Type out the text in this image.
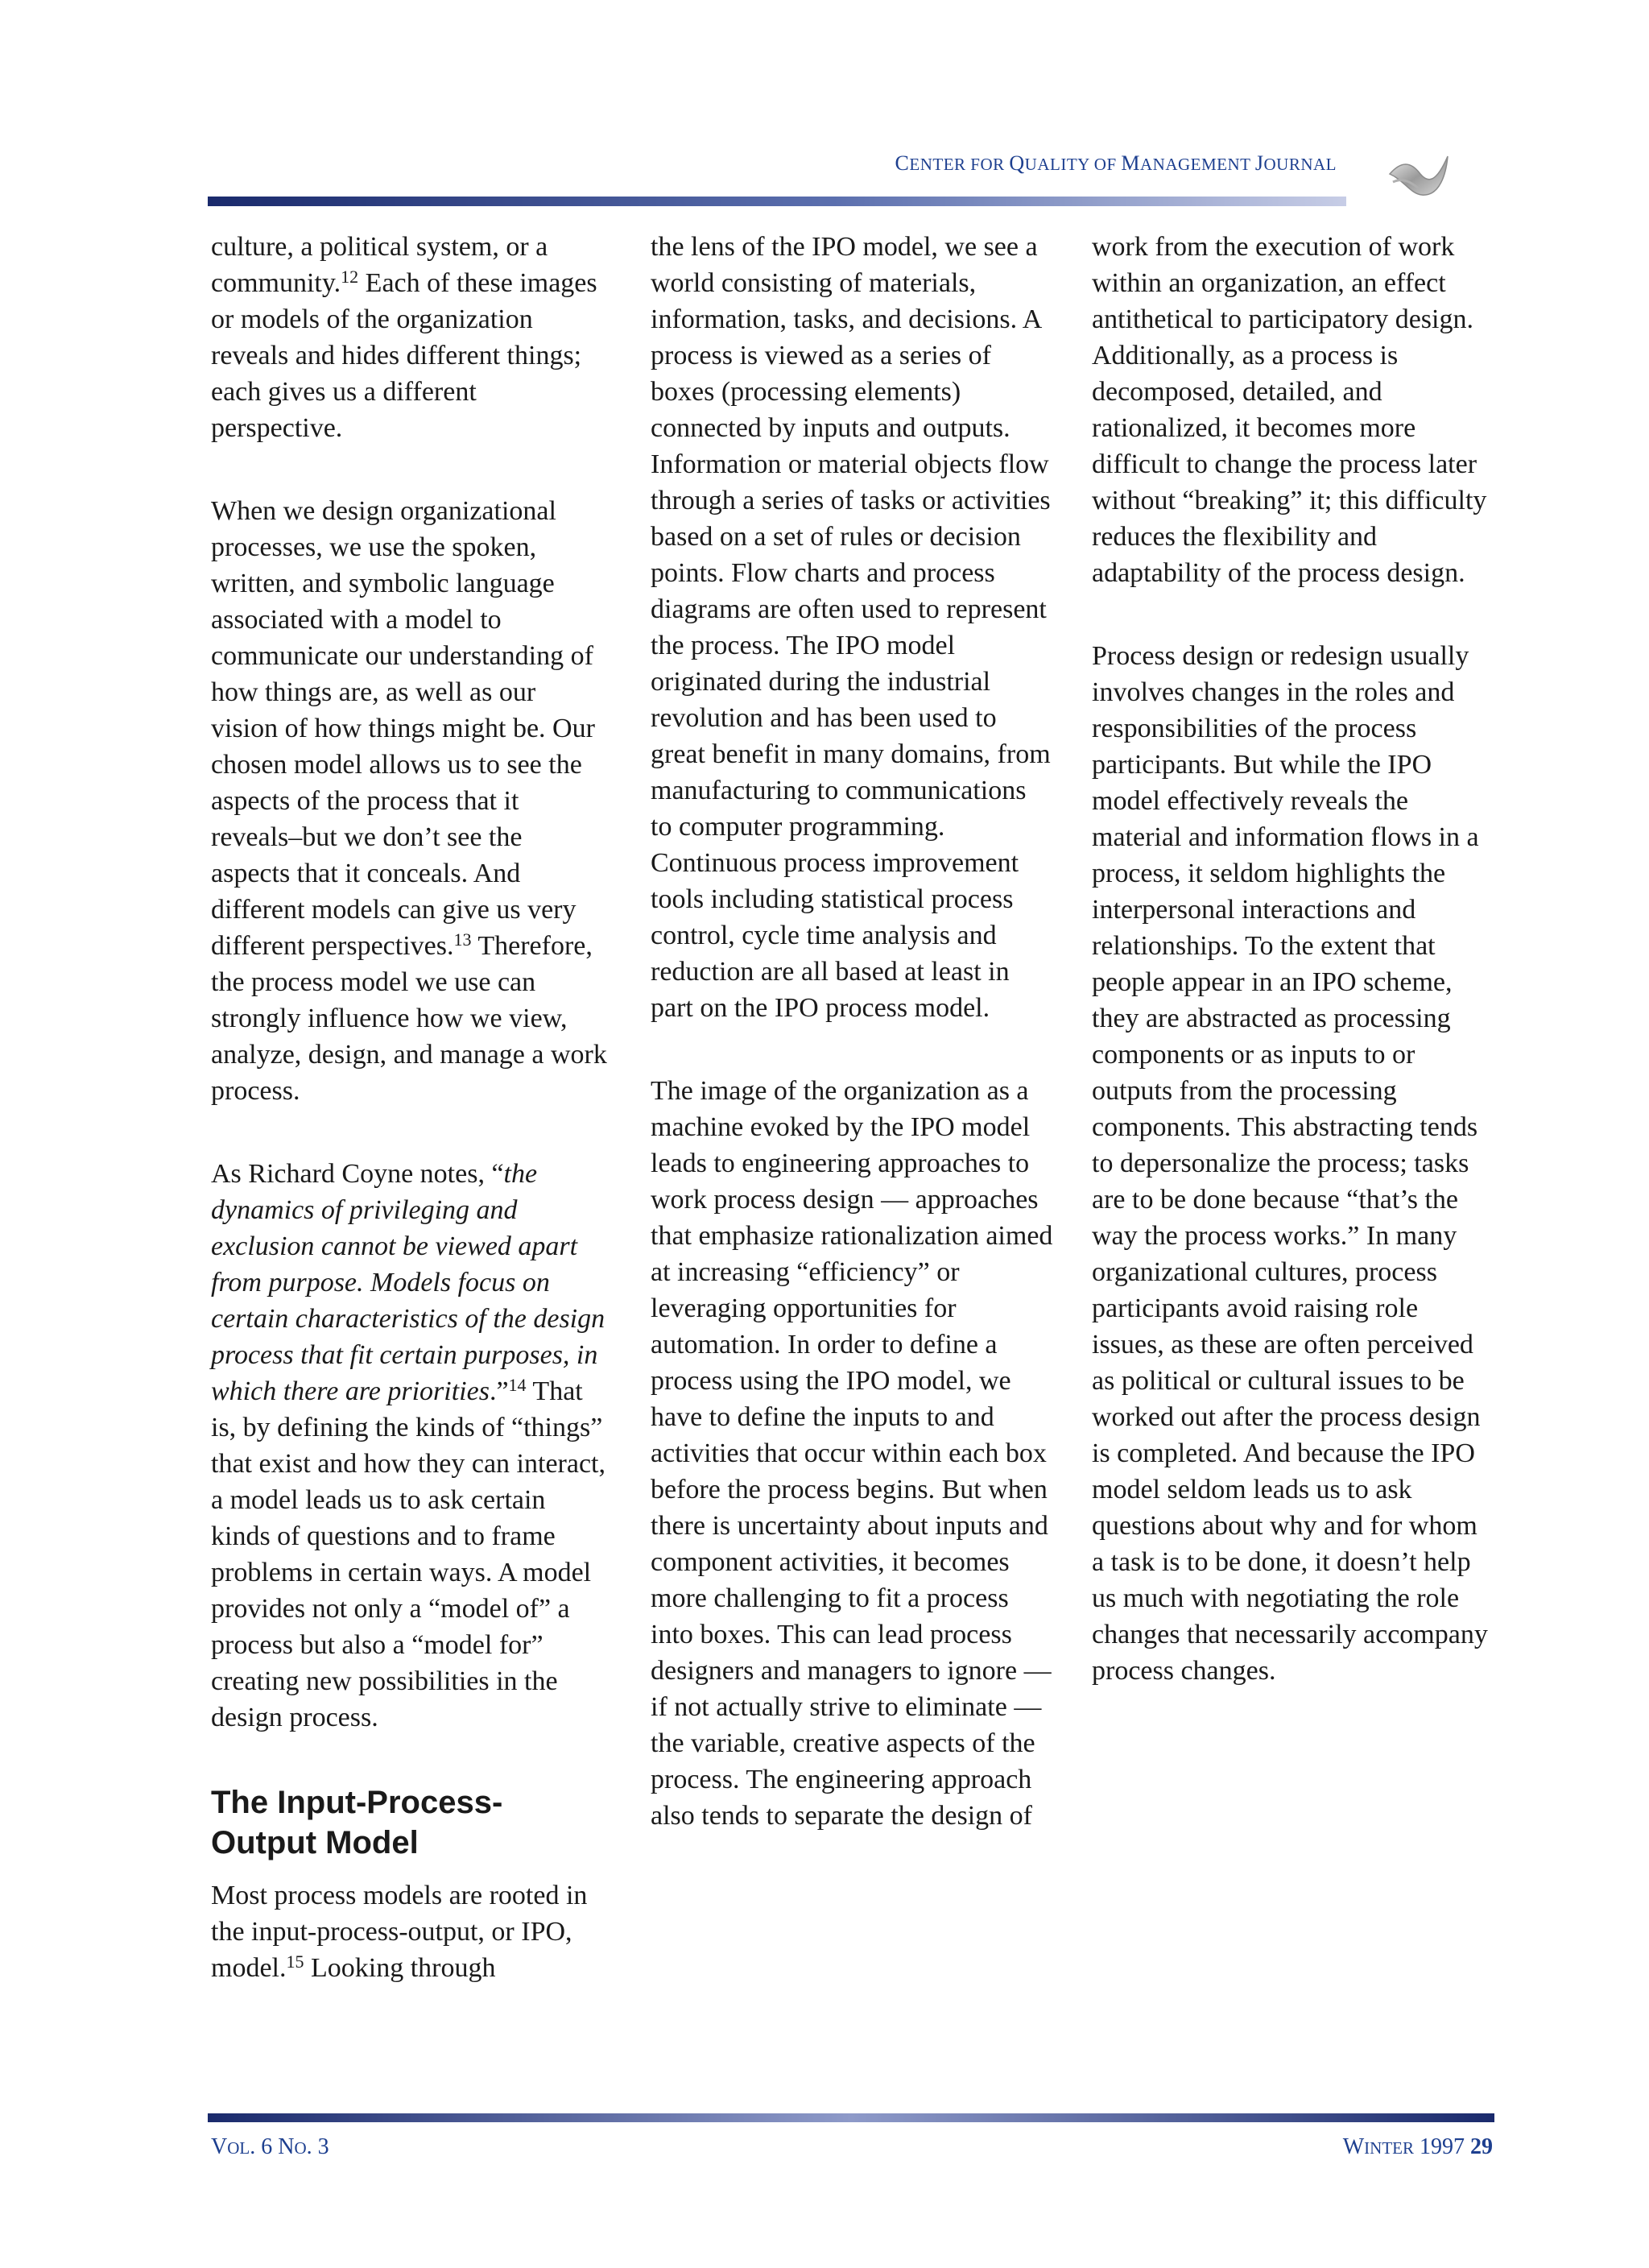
CENTER FOR QUALITY OF MANAGEMENT JOURNAL

culture, a political system, or a community.$^{12}$ Each of these images or models of the organization reveals and hides different things; each gives us a different perspective.

When we design organizational processes, we use the spoken, written, and symbolic language associated with a model to communicate our understanding of how things are, as well as our vision of how things might be. Our chosen model allows us to see the aspects of the process that it reveals–but we don’t see the aspects that it conceals. And different models can give us very different perspectives.$^{13}$ Therefore, the process model we use can strongly influence how we view, analyze, design, and manage a work process.

As Richard Coyne notes, “the dynamics of privileging and exclusion cannot be viewed apart from purpose. Models focus on certain characteristics of the design process that fit certain purposes, in which there are priorities.”$^{14}$ That is, by defining the kinds of “things” that exist and how they can interact, a model leads us to ask certain kinds of questions and to frame problems in certain ways. A model provides not only a “model of” a process but also a “model for” creating new possibilities in the design process.

The Input-Process-Output Model

Most process models are rooted in the input-process-output, or IPO, model.$^{15}$ Looking through

the lens of the IPO model, we see a world consisting of materials, information, tasks, and decisions. A process is viewed as a series of boxes (processing elements) connected by inputs and outputs. Information or material objects flow through a series of tasks or activities based on a set of rules or decision points. Flow charts and process diagrams are often used to represent the process. The IPO model originated during the industrial revolution and has been used to great benefit in many domains, from manufacturing to communications to computer programming. Continuous process improvement tools including statistical process control, cycle time analysis and reduction are all based at least in part on the IPO process model.

The image of the organization as a machine evoked by the IPO model leads to engineering approaches to work process design — approaches that emphasize rationalization aimed at increasing “efficiency” or leveraging opportunities for automation. In order to define a process using the IPO model, we have to define the inputs to and activities that occur within each box before the process begins. But when there is uncertainty about inputs and component activities, it becomes more challenging to fit a process into boxes. This can lead process designers and managers to ignore — if not actually strive to eliminate — the variable, creative aspects of the process. The engineering approach also tends to separate the design of

work from the execution of work within an organization, an effect antithetical to participatory design. Additionally, as a process is decomposed, detailed, and rationalized, it becomes more difficult to change the process later without “breaking” it; this difficulty reduces the flexibility and adaptability of the process design.

Process design or redesign usually involves changes in the roles and responsibilities of the process participants. But while the IPO model effectively reveals the material and information flows in a process, it seldom highlights the interpersonal interactions and relationships. To the extent that people appear in an IPO scheme, they are abstracted as processing components or as inputs to or outputs from the processing components. This abstracting tends to depersonalize the process; tasks are to be done because “that’s the way the process works.” In many organizational cultures, process participants avoid raising role issues, as these are often perceived as political or cultural issues to be worked out after the process design is completed. And because the IPO model seldom leads us to ask questions about why and for whom a task is to be done, it doesn’t help us much with negotiating the role changes that necessarily accompany process changes.

VOL. 6 NO. 3	WINTER 1997 29
